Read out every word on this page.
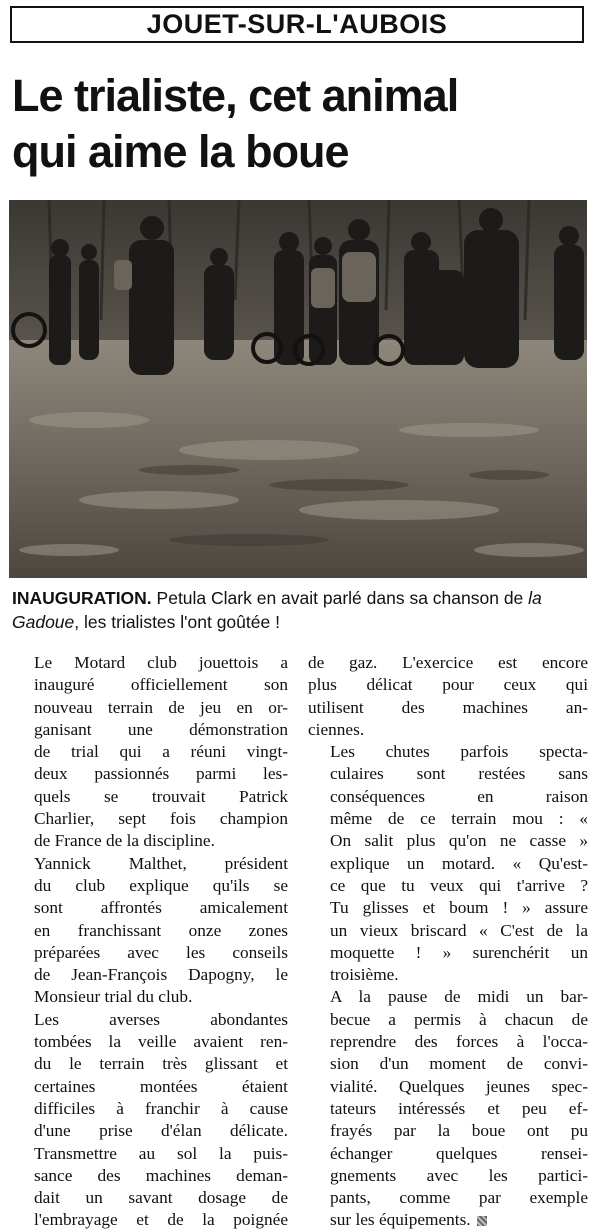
JOUET-SUR-L'AUBOIS
Le trialiste, cet animal
qui aime la boue
INAUGURATION. Petula Clark en avait parlé dans sa chanson de la Gadoue, les trialistes l'ont goûtée !

Le Motard club jouettois a
inauguré officiellement son
nouveau terrain de jeu en or-
ganisant une démonstration
de trial qui a réuni vingt-
deux passionnés parmi les-
quels se trouvait Patrick
Charlier, sept fois champion
de France de la discipline.

Yannick Malthet, président
du club explique qu'ils se
sont affrontés amicalement
en franchissant onze zones
préparées avec les conseils
de Jean-François Dapogny, le
Monsieur trial du club.

Les averses abondantes
tombées la veille avaient ren-
du le terrain très glissant et
certaines montées étaient
difficiles à franchir à cause
d'une prise d'élan délicate.
Transmettre au sol la puis-
sance des machines deman-
dait un savant dosage de
l'embrayage et de la poignée

de gaz. L'exercice est encore
plus délicat pour ceux qui
utilisent des machines an-
ciennes.

Les chutes parfois specta-
culaires sont restées sans
conséquences en raison
même de ce terrain mou : «
On salit plus qu'on ne casse »
explique un motard. « Qu'est-
ce que tu veux qui t'arrive ?
Tu glisses et boum ! » assure
un vieux briscard « C'est de la
moquette ! » surenchérit un
troisième.

A la pause de midi un bar-
becue a permis à chacun de
reprendre des forces à l'occa-
sion d'un moment de convi-
vialité. Quelques jeunes spec-
tateurs intéressés et peu ef-
frayés par la boue ont pu
échanger quelques rensei-
gnements avec les partici-
pants, comme par exemple
sur les équipements.
